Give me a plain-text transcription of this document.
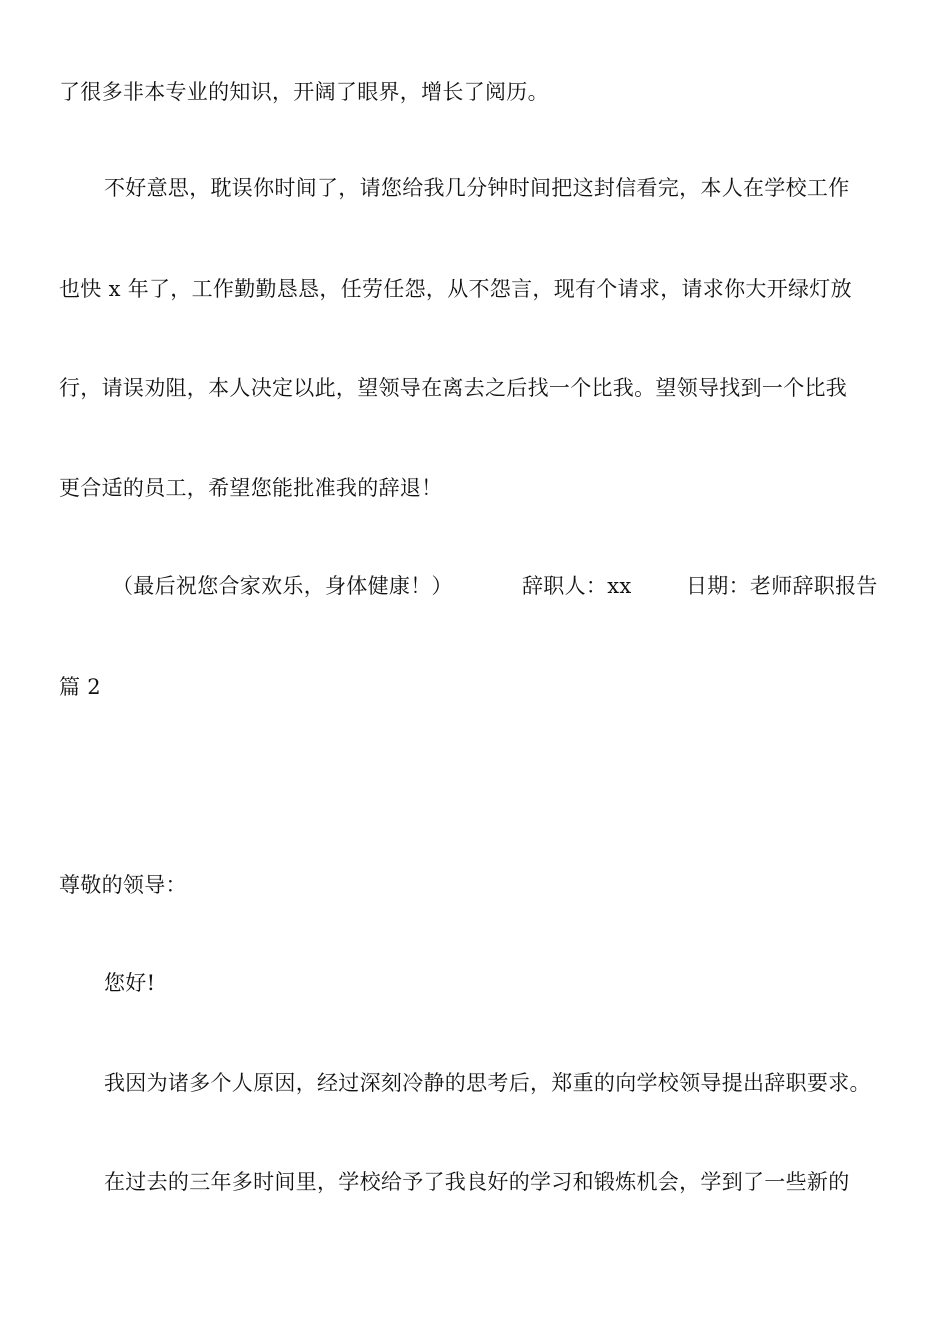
了很多非本专业的知识，开阔了眼界，增长了阅历。
不好意思，耽误你时间了，请您给我几分钟时间把这封信看完，本人在学校工作
也快 x 年了，工作勤勤恳恳，任劳任怨，从不怨言，现有个请求，请求你大开绿灯放
行，请误劝阻，本人决定以此，望领导在离去之后找一个比我。望领导找到一个比我
更合适的员工，希望您能批准我的辞退！
（最后祝您合家欢乐，身体健康！）	辞职人：xx	日期：老师辞职报告
篇 2
尊敬的领导：
您好!
我因为诸多个人原因，经过深刻冷静的思考后，郑重的向学校领导提出辞职要求。
在过去的三年多时间里，学校给予了我良好的学习和锻炼机会，学到了一些新的
